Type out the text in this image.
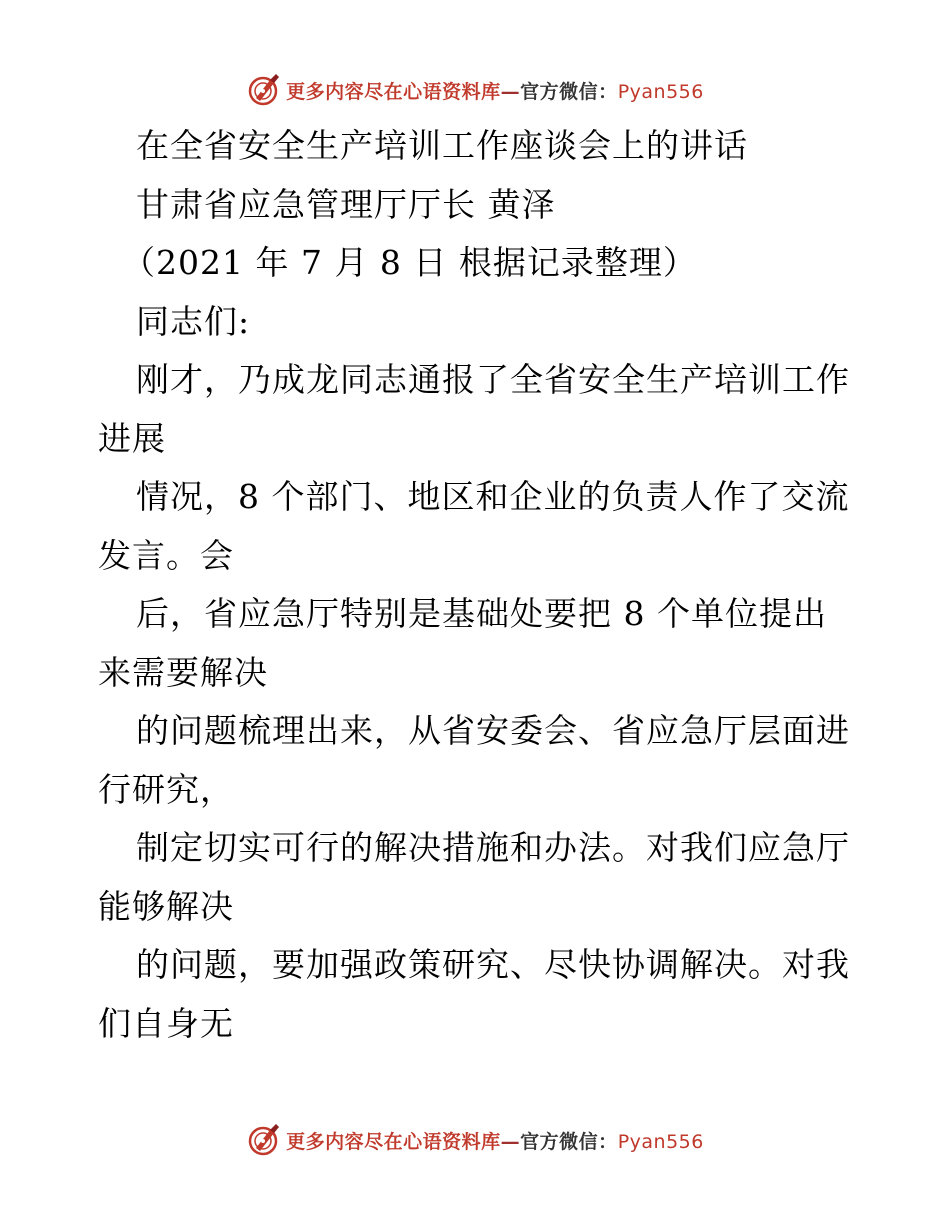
更多内容尽在心语资料库—官方微信：Pyan556
在全省安全生产培训工作座谈会上的讲话
甘肃省应急管理厅厅长 黄泽
（2021 年 7 月 8 日 根据记录整理）
同志们:
刚才，乃成龙同志通报了全省安全生产培训工作
进展
情况，8 个部门、地区和企业的负责人作了交流
发言。会
后，省应急厅特别是基础处要把 8 个单位提出
来需要解决
的问题梳理出来，从省安委会、省应急厅层面进
行研究，
制定切实可行的解决措施和办法。对我们应急厅
能够解决
的问题，要加强政策研究、尽快协调解决。对我
们自身无
更多内容尽在心语资料库—官方微信：Pyan556
